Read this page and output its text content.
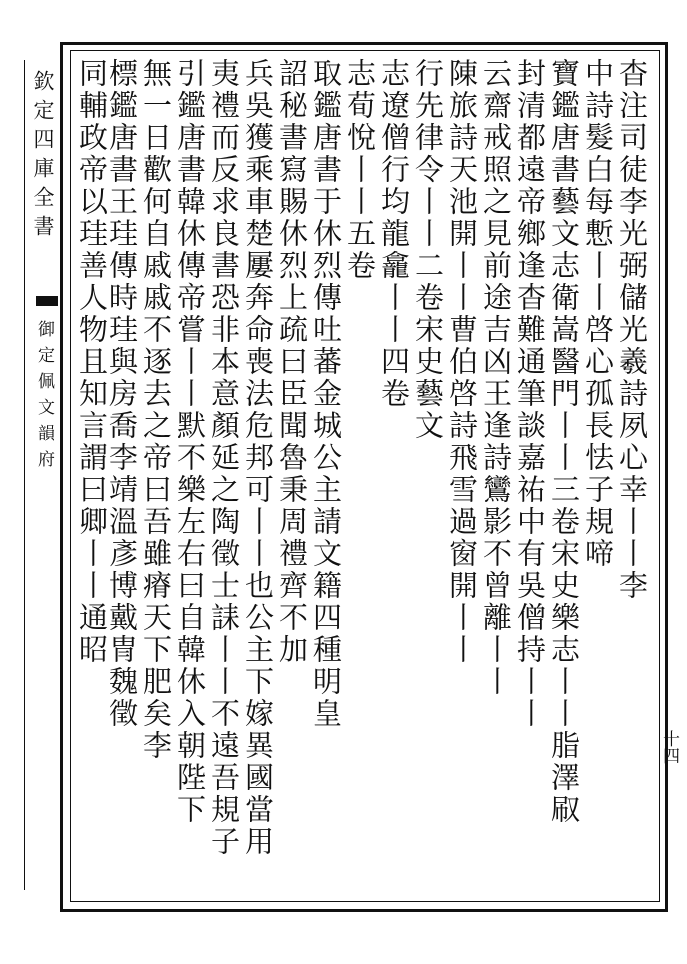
欽定四庫全書
御定佩文韻府	杳注司徒李光弼儲光羲詩夙心幸丨丨李
中詩髮白每慙丨丨啓心孤長怯子規啼
寶鑑唐書藝文志衛嵩醫門丨丨三卷宋史樂志丨丨脂澤㕞
封清都遠帝鄉逢杳難通筆談嘉祐中有吳僧持丨丨
云齋戒照之見前途吉凶王逢詩鸞影不曾離丨丨
陳旅詩天池開丨丨曹伯啓詩飛雪過窗開丨丨
行先律令丨丨二卷宋史藝文
志遼僧行均龍龕丨丨四卷
志荀悅丨丨五卷
取鑑唐書于休烈傳吐蕃金城公主請文籍四種明皇
詔秘書寫賜休烈上疏曰臣聞魯秉周禮齊不加
兵吳獲乘車楚屢奔命喪法危邦可丨丨也公主下嫁異國當用
夷禮而反求良書恐非本意顏延之陶徵士誄丨丨不遠吾規子
引鑑唐書韓休傳帝嘗丨丨默不樂左右曰自韓休入朝陛下
無一日歡何自戚戚不逐去之帝曰吾雖瘠天下肥矣李
標鑑唐書王珪傳時珪與房喬李靖溫彥博戴冑魏徵
同輔政帝以珪善人物且知言謂曰卿丨丨通昭
十四
